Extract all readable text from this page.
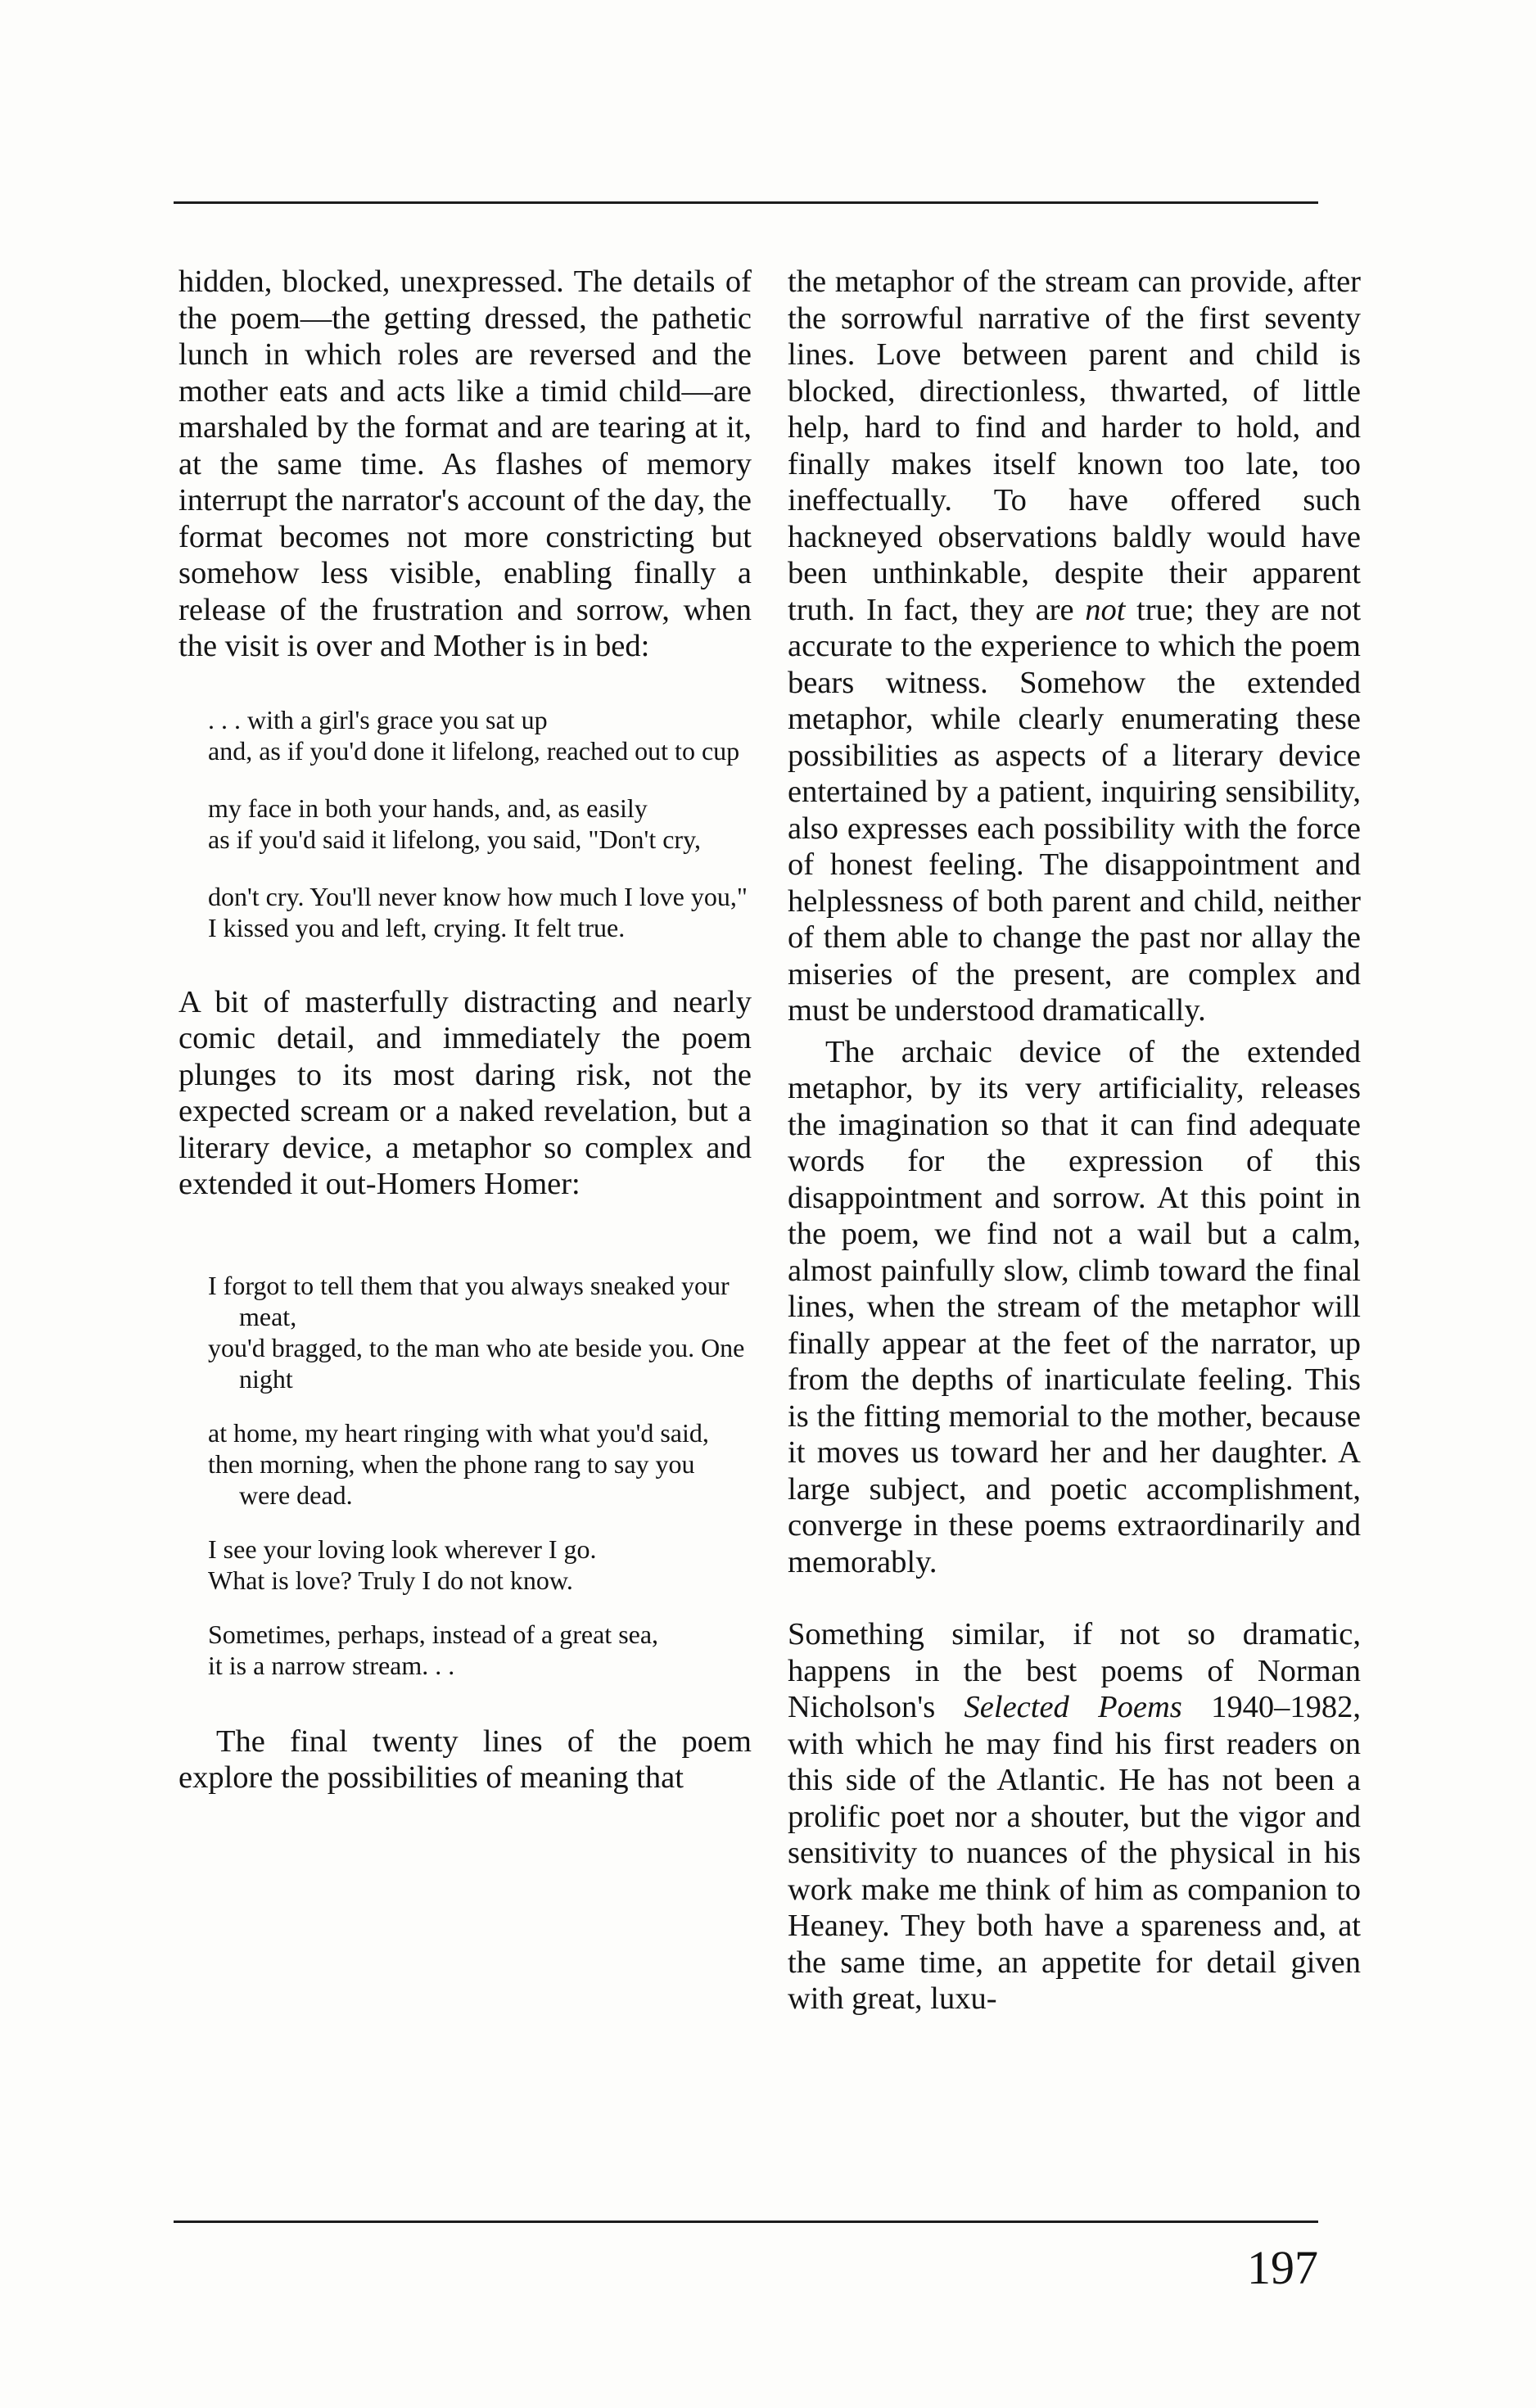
hidden, blocked, unexpressed. The details of the poem—the getting dressed, the pathetic lunch in which roles are reversed and the mother eats and acts like a timid child—are marshaled by the format and are tearing at it, at the same time. As flashes of memory interrupt the narrator's account of the day, the format becomes not more constricting but somehow less visible, enabling finally a release of the frustration and sorrow, when the visit is over and Mother is in bed:

. . . with a girl's grace you sat up
and, as if you'd done it lifelong, reached out to cup
my face in both your hands, and, as easily
as if you'd said it lifelong, you said, "Don't cry,
don't cry. You'll never know how much I love you,"
I kissed you and left, crying. It felt true.

A bit of masterfully distracting and nearly comic detail, and immediately the poem plunges to its most daring risk, not the expected scream or a naked revelation, but a literary device, a metaphor so complex and extended it out-Homers Homer:

I forgot to tell them that you always sneaked your meat,
you'd bragged, to the man who ate beside you. One night
at home, my heart ringing with what you'd said,
then morning, when the phone rang to say you were dead.
I see your loving look wherever I go.
What is love? Truly I do not know.
Sometimes, perhaps, instead of a great sea,
it is a narrow stream. . .

The final twenty lines of the poem explore the possibilities of meaning that

the metaphor of the stream can provide, after the sorrowful narrative of the first seventy lines. Love between parent and child is blocked, directionless, thwarted, of little help, hard to find and harder to hold, and finally makes itself known too late, too ineffectually. To have offered such hackneyed observations baldly would have been unthinkable, despite their apparent truth. In fact, they are not true; they are not accurate to the experience to which the poem bears witness. Somehow the extended metaphor, while clearly enumerating these possibilities as aspects of a literary device entertained by a patient, inquiring sensibility, also expresses each possibility with the force of honest feeling. The disappointment and helplessness of both parent and child, neither of them able to change the past nor allay the miseries of the present, are complex and must be understood dramatically.

The archaic device of the extended metaphor, by its very artificiality, releases the imagination so that it can find adequate words for the expression of this disappointment and sorrow. At this point in the poem, we find not a wail but a calm, almost painfully slow, climb toward the final lines, when the stream of the metaphor will finally appear at the feet of the narrator, up from the depths of inarticulate feeling. This is the fitting memorial to the mother, because it moves us toward her and her daughter. A large subject, and poetic accomplishment, converge in these poems extraordinarily and memorably.

Something similar, if not so dramatic, happens in the best poems of Norman Nicholson's Selected Poems 1940–1982, with which he may find his first readers on this side of the Atlantic. He has not been a prolific poet nor a shouter, but the vigor and sensitivity to nuances of the physical in his work make me think of him as companion to Heaney. They both have a spareness and, at the same time, an appetite for detail given with great, luxu-

197
